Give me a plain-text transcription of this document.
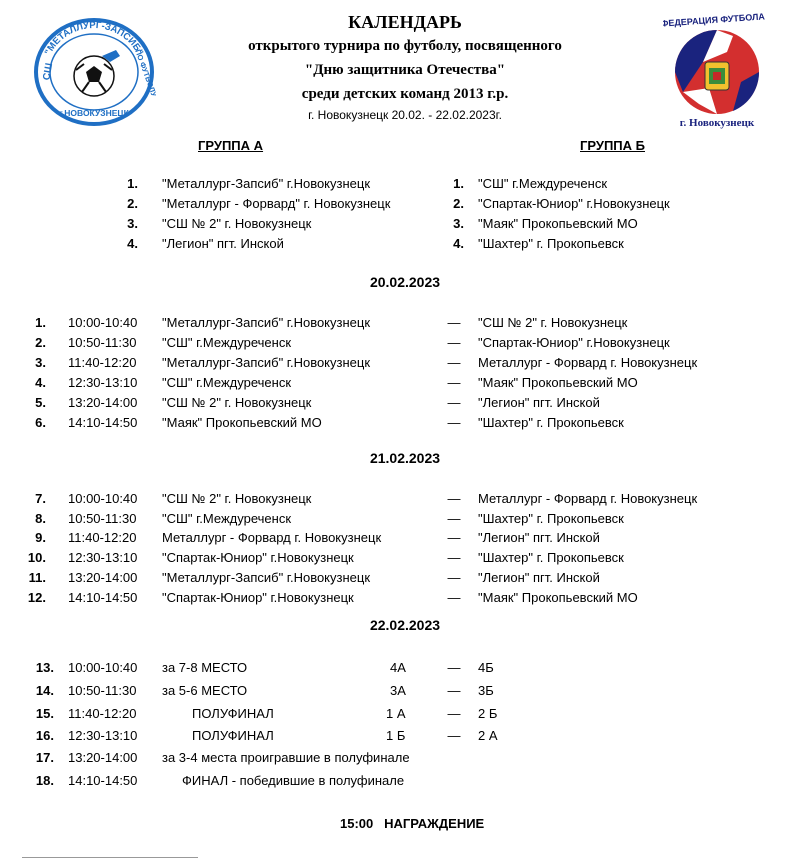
"МЕТАЛЛУРГ-ЗАПСИБ"
СШ
ПО ФУТБОЛУ
г.НОВОКУЗНЕЦК
ФЕДЕРАЦИЯ ФУТБОЛА
г. Новокузнецк
КАЛЕНДАРЬ
открытого турнира по футболу, посвященного
"Дню защитника Отечества"
среди детских команд 2013 г.р.
г. Новокузнецк 20.02. - 22.02.2023г.
ГРУППА А	ГРУППА Б
1. "Металлург-Запсиб" г.Новокузнецк	1. "СШ" г.Междуреченск
2. "Металлург - Форвард" г. Новокузнецк	2. "Спартак-Юниор" г.Новокузнецк
3. "СШ № 2" г. Новокузнецк	3. "Маяк" Прокопьевский МО
4. "Легион" пгт. Инской	4. "Шахтер" г. Прокопьевск
20.02.2023
1. 10:00-10:40 "Металлург-Запсиб" г.Новокузнецк	—	"СШ № 2" г. Новокузнецк
2. 10:50-11:30 "СШ" г.Междуреченск	—	"Спартак-Юниор" г.Новокузнецк
3. 11:40-12:20 "Металлург-Запсиб" г.Новокузнецк	—	Металлург - Форвард г. Новокузнецк
4. 12:30-13:10 "СШ" г.Междуреченск	—	"Маяк" Прокопьевский МО
5. 13:20-14:00 "СШ № 2" г. Новокузнецк	—	"Легион" пгт. Инской
6. 14:10-14:50 "Маяк" Прокопьевский МО	—	"Шахтер" г. Прокопьевск
21.02.2023
7. 10:00-10:40 "СШ № 2" г. Новокузнецк	—	Металлург - Форвард г. Новокузнецк
8. 10:50-11:30 "СШ" г.Междуреченск	—	"Шахтер" г. Прокопьевск
9. 11:40-12:20 Металлург - Форвард г. Новокузнецк	—	"Легион" пгт. Инской
10. 12:30-13:10 "Спартак-Юниор" г.Новокузнецк	—	"Шахтер" г. Прокопьевск
11. 13:20-14:00 "Металлург-Запсиб" г.Новокузнецк	—	"Легион" пгт. Инской
12. 14:10-14:50 "Спартак-Юниор" г.Новокузнецк	—	"Маяк" Прокопьевский МО
22.02.2023
13. 10:00-10:40 за 7-8 МЕСТО	4А	—	4Б
14. 10:50-11:30 за 5-6 МЕСТО	3А	—	3Б
15. 11:40-12:20	ПОЛУФИНАЛ	1 А	—	2 Б
16. 12:30-13:10	ПОЛУФИНАЛ	1 Б	—	2 А
17. 13:20-14:00 за 3-4 места проигравшие в полуфинале
18. 14:10-14:50	ФИНАЛ - победившие в полуфинале
15:00   НАГРАЖДЕНИЕ
